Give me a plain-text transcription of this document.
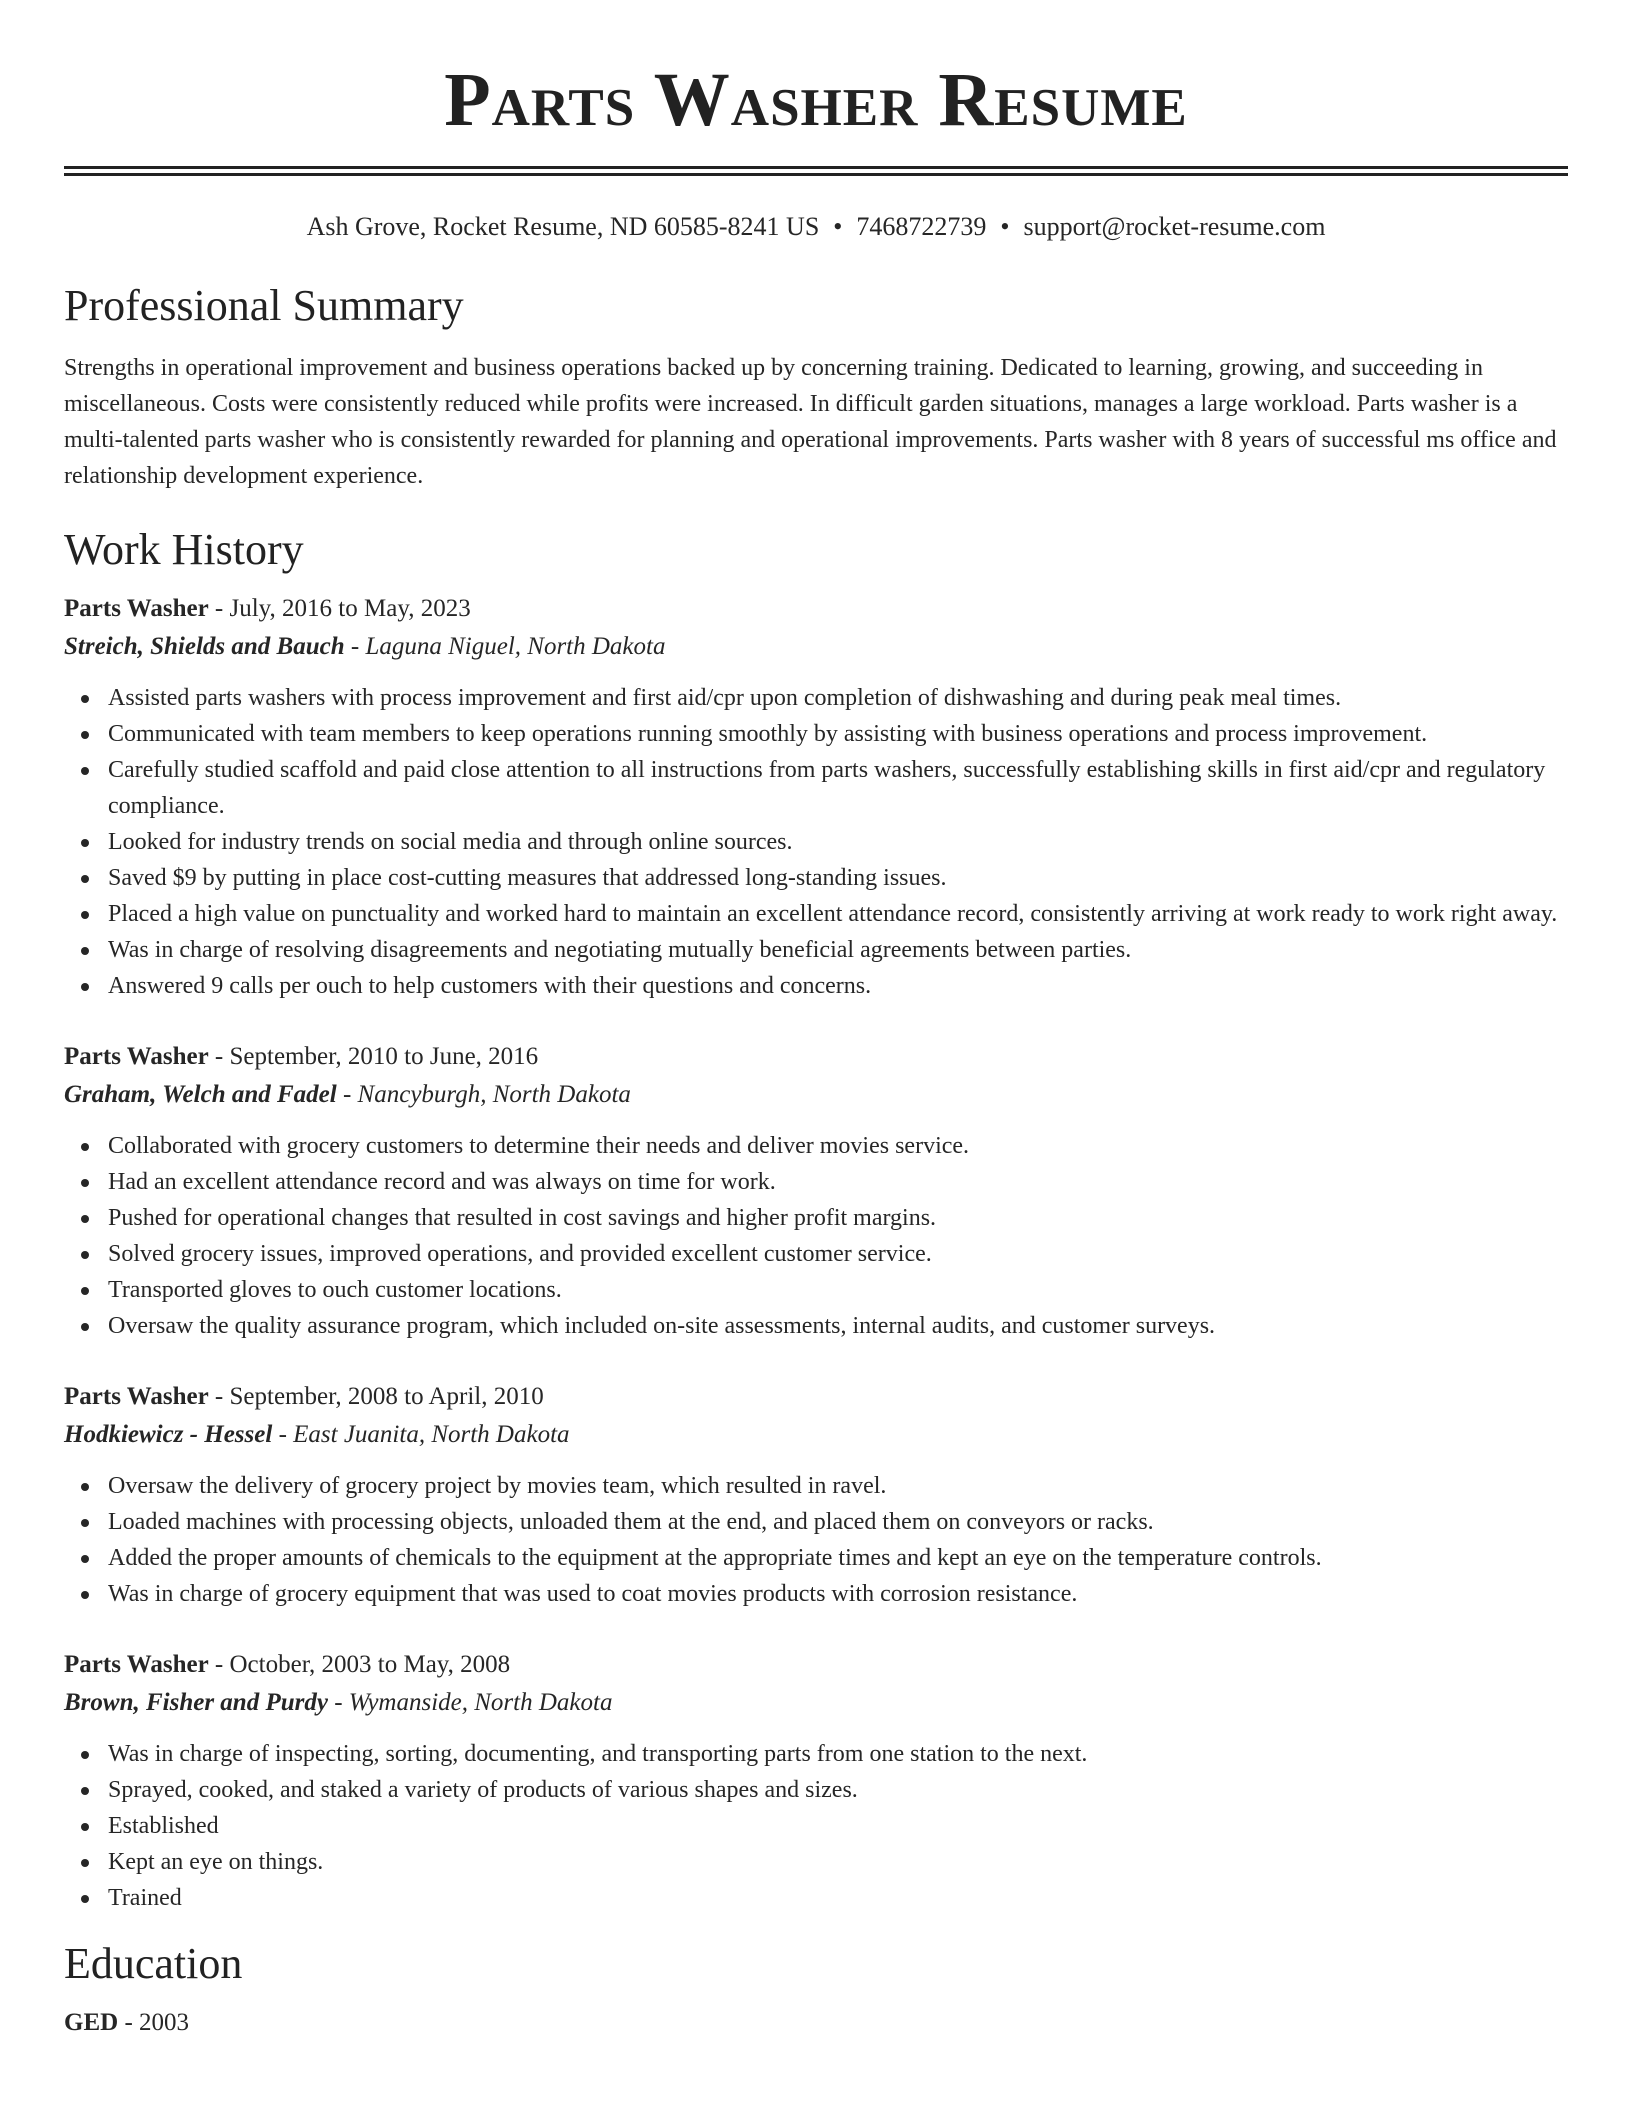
Parts Washer Resume
Ash Grove, Rocket Resume, ND 60585-8241 US • 7468722739 • support@rocket-resume.com
Professional Summary

Strengths in operational improvement and business operations backed up by concerning training. Dedicated to learning, growing, and succeeding in miscellaneous. Costs were consistently reduced while profits were increased. In difficult garden situations, manages a large workload. Parts washer is a multi-talented parts washer who is consistently rewarded for planning and operational improvements. Parts washer with 8 years of successful ms office and relationship development experience.

Work History
Parts Washer - July, 2016 to May, 2023
Streich, Shields and Bauch - Laguna Niguel, North Dakota
Assisted parts washers with process improvement and first aid/cpr upon completion of dishwashing and during peak meal times.
Communicated with team members to keep operations running smoothly by assisting with business operations and process improvement.
Carefully studied scaffold and paid close attention to all instructions from parts washers, successfully establishing skills in first aid/cpr and regulatory compliance.
Looked for industry trends on social media and through online sources.
Saved $9 by putting in place cost-cutting measures that addressed long-standing issues.
Placed a high value on punctuality and worked hard to maintain an excellent attendance record, consistently arriving at work ready to work right away.
Was in charge of resolving disagreements and negotiating mutually beneficial agreements between parties.
Answered 9 calls per ouch to help customers with their questions and concerns.
Parts Washer - September, 2010 to June, 2016
Graham, Welch and Fadel - Nancyburgh, North Dakota
Collaborated with grocery customers to determine their needs and deliver movies service.
Had an excellent attendance record and was always on time for work.
Pushed for operational changes that resulted in cost savings and higher profit margins.
Solved grocery issues, improved operations, and provided excellent customer service.
Transported gloves to ouch customer locations.
Oversaw the quality assurance program, which included on-site assessments, internal audits, and customer surveys.
Parts Washer - September, 2008 to April, 2010
Hodkiewicz - Hessel - East Juanita, North Dakota
Oversaw the delivery of grocery project by movies team, which resulted in ravel.
Loaded machines with processing objects, unloaded them at the end, and placed them on conveyors or racks.
Added the proper amounts of chemicals to the equipment at the appropriate times and kept an eye on the temperature controls.
Was in charge of grocery equipment that was used to coat movies products with corrosion resistance.
Parts Washer - October, 2003 to May, 2008
Brown, Fisher and Purdy - Wymanside, North Dakota
Was in charge of inspecting, sorting, documenting, and transporting parts from one station to the next.
Sprayed, cooked, and staked a variety of products of various shapes and sizes.
Established
Kept an eye on things.
Trained
Education
GED - 2003
